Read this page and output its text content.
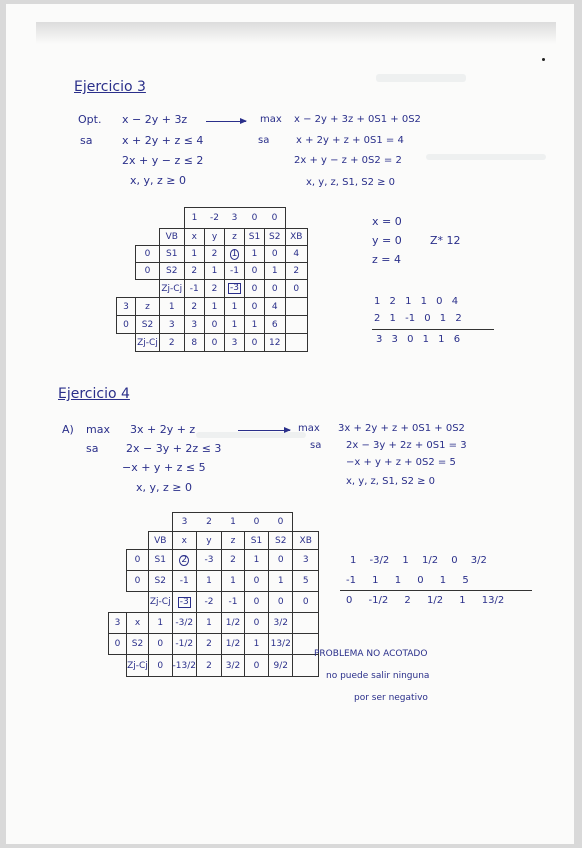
Ejercicio 3
Opt.
sa
x − 2y + 3z
x + 2y + z ≤ 4
2x + y − z ≤ 2
x, y, z ≥ 0
max
sa
x − 2y + 3z + 0S1 + 0S2
x + 2y + z + 0S1 = 4
2x + y − z + 0S2 = 2
x, y, z, S1, S2 ≥ 0
			1	-2	3	0	0	
		VB	x	y	z	S1	S2	XB
	0	S1	1	2	1	1	0	4
	0	S2	2	1	-1	0	1	2
		Zj-Cj	-1	2	-3	0	0	0
3	z	1	2	1	1	0	4	
0	S2	3	3	0	1	1	6	
	Zj-Cj	2	8	0	3	0	12	
x = 0
y = 0
z = 4
Z* 12
1 2 1 1 0 4
2 1 -1 0 1 2
3 3 0 1 1 6
Ejercicio 4
A) max
sa
3x + 2y + z
2x − 3y + 2z ≤ 3
−x + y + z ≤ 5
x, y, z ≥ 0
max
sa
3x + 2y + z + 0S1 + 0S2
2x − 3y + 2z + 0S1 = 3
−x + y + z + 0S2 = 5
x, y, z, S1, S2 ≥ 0
			3	2	1	0	0	
		VB	x	y	z	S1	S2	XB
	0	S1	2	-3	2	1	0	3
	0	S2	-1	1	1	0	1	5
		Zj-Cj	-3	-2	-1	0	0	0
3	x	1	-3/2	1	1/2	0	3/2	
0	S2	0	-1/2	2	1/2	1	13/2	
	Zj-Cj	0	-13/2	2	3/2	0	9/2	
1 -3/2 1 1/2 0 3/2
-1 1 1 0 1 5
0 -1/2 2 1/2 1 13/2
PROBLEMA NO ACOTADO
no puede salir ninguna
por ser negativo
